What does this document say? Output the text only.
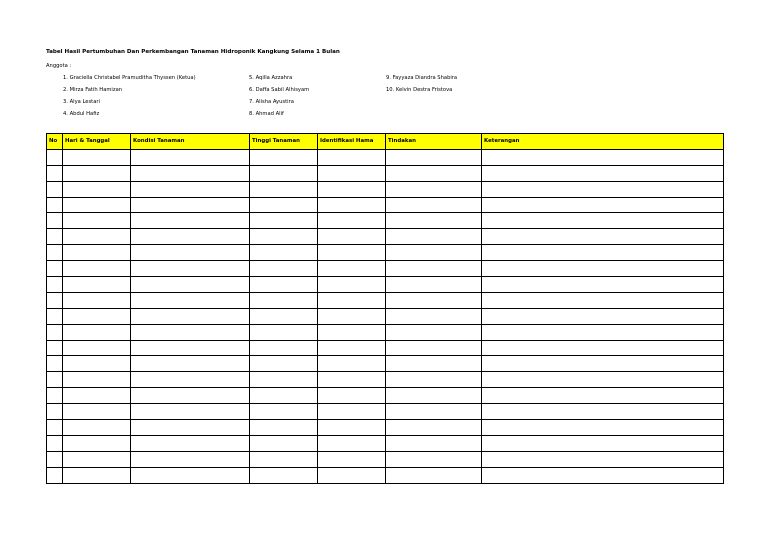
Tabel Hasil Pertumbuhan Dan Perkembangan Tanaman Hidroponik Kangkung Selama 1 Bulan
Anggota :
1. Graciella Christabel Pramuditha Thyssen (Ketua)
2. Mirza Fatih Hamizan
3. Alya Lestari
4. Abdul Hafiz
5. Aqilla Azzahra
6. Daffa Sabil Alhisyam
7. Alisha Ayustira
8. Ahmad Alif
9. Fayyaza Diandra Shabira
10. Kelvin Destra Fristova
No	Hari & Tanggal	Kondisi Tanaman	Tinggi Tanaman	Identifikasi Hama	Tindakan	Keterangan
